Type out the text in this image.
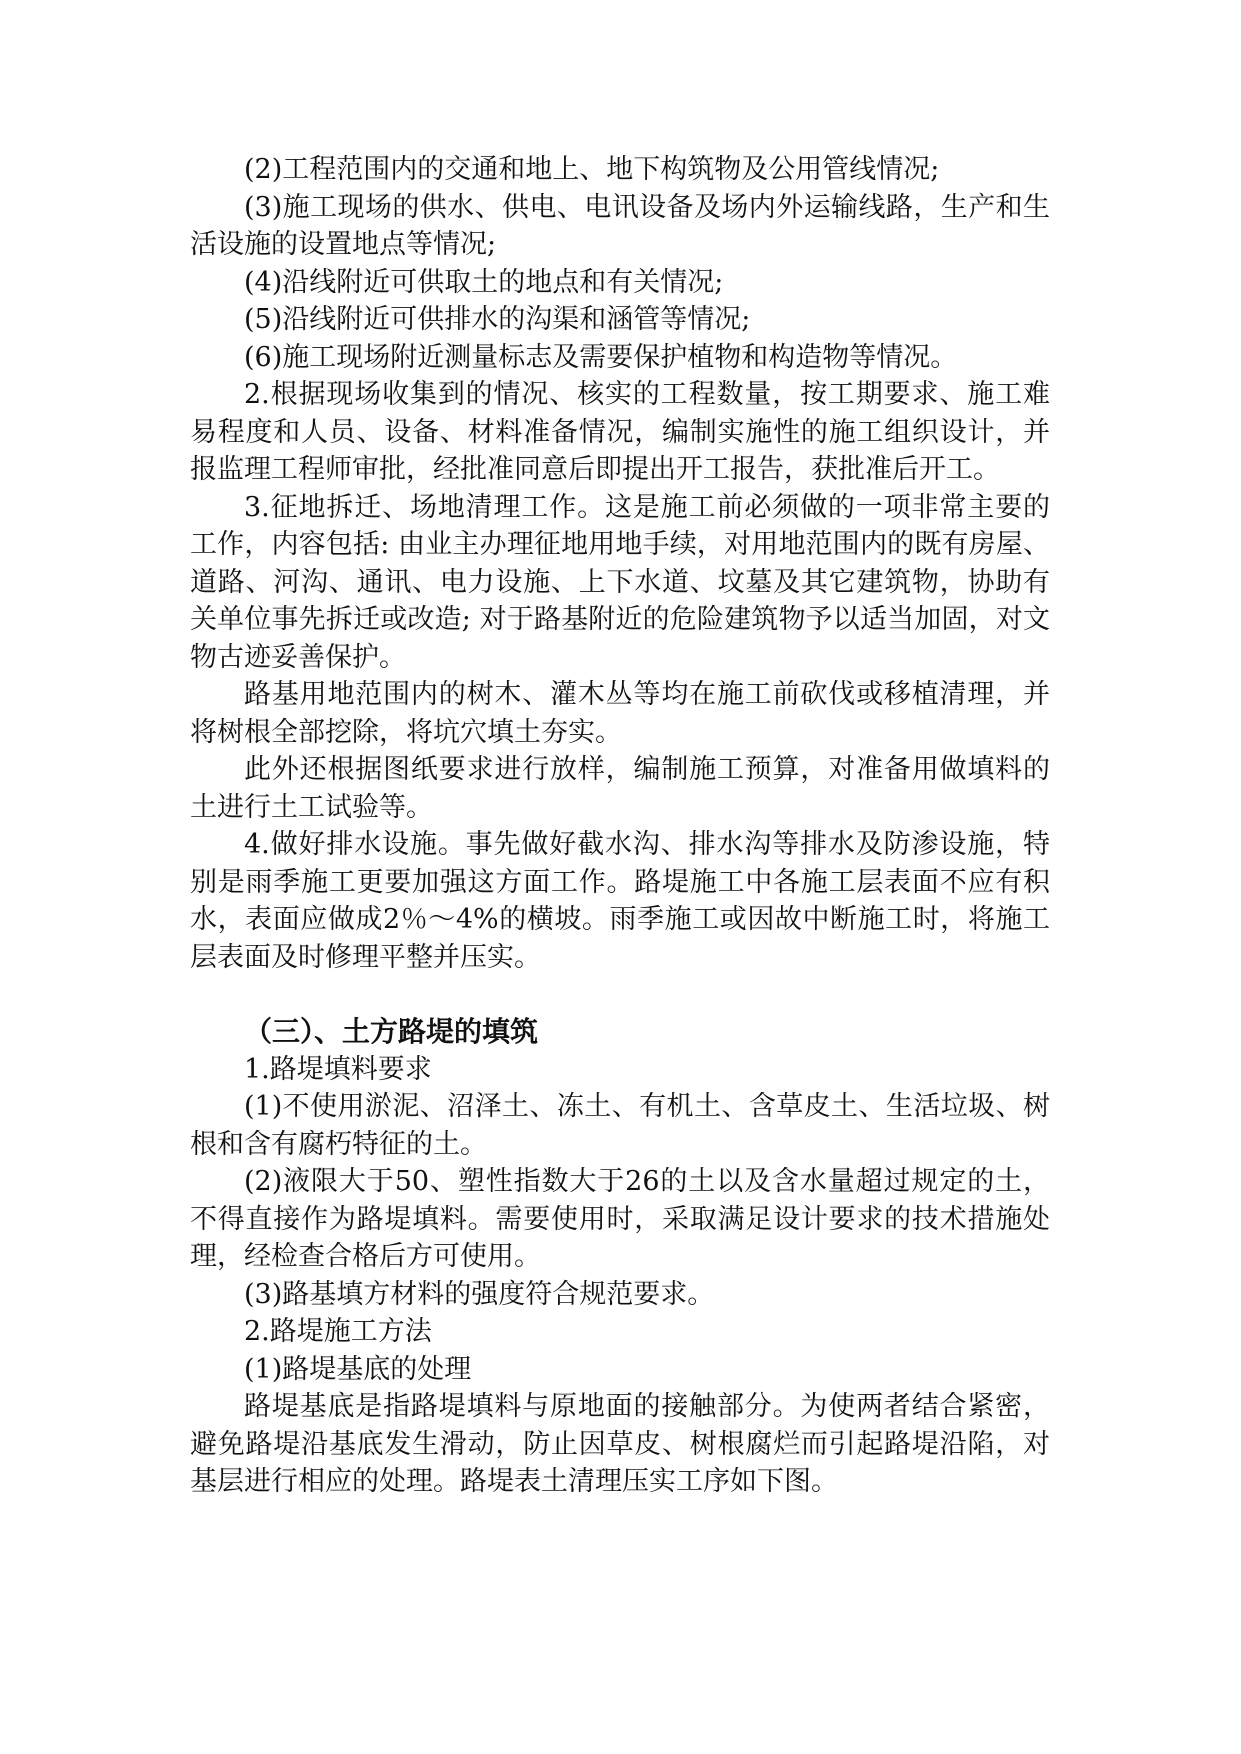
(2)工程范围内的交通和地上、地下构筑物及公用管线情况;

(3)施工现场的供水、供电、电讯设备及场内外运输线路，生产和生活设施的设置地点等情况;

(4)沿线附近可供取土的地点和有关情况;

(5)沿线附近可供排水的沟渠和涵管等情况;

(6)施工现场附近测量标志及需要保护植物和构造物等情况。

2.根据现场收集到的情况、核实的工程数量，按工期要求、施工难易程度和人员、设备、材料准备情况，编制实施性的施工组织设计，并报监理工程师审批，经批准同意后即提出开工报告，获批准后开工。

3.征地拆迁、场地清理工作。这是施工前必须做的一项非常主要的工作，内容包括: 由业主办理征地用地手续，对用地范围内的既有房屋、道路、河沟、通讯、电力设施、上下水道、坟墓及其它建筑物，协助有关单位事先拆迁或改造; 对于路基附近的危险建筑物予以适当加固，对文物古迹妥善保护。

路基用地范围内的树木、灌木丛等均在施工前砍伐或移植清理，并将树根全部挖除，将坑穴填土夯实。

此外还根据图纸要求进行放样，编制施工预算，对准备用做填料的土进行土工试验等。

4.做好排水设施。事先做好截水沟、排水沟等排水及防渗设施，特别是雨季施工更要加强这方面工作。路堤施工中各施工层表面不应有积水，表面应做成2％～4%的横坡。雨季施工或因故中断施工时，将施工层表面及时修理平整并压实。

（三）、土方路堤的填筑

1.路堤填料要求

(1)不使用淤泥、沼泽土、冻土、有机土、含草皮土、生活垃圾、树根和含有腐朽特征的土。

(2)液限大于50、塑性指数大于26的土以及含水量超过规定的土，不得直接作为路堤填料。需要使用时，采取满足设计要求的技术措施处理，经检查合格后方可使用。

(3)路基填方材料的强度符合规范要求。

2.路堤施工方法

(1)路堤基底的处理

路堤基底是指路堤填料与原地面的接触部分。为使两者结合紧密，避免路堤沿基底发生滑动，防止因草皮、树根腐烂而引起路堤沿陷，对基层进行相应的处理。路堤表土清理压实工序如下图。
